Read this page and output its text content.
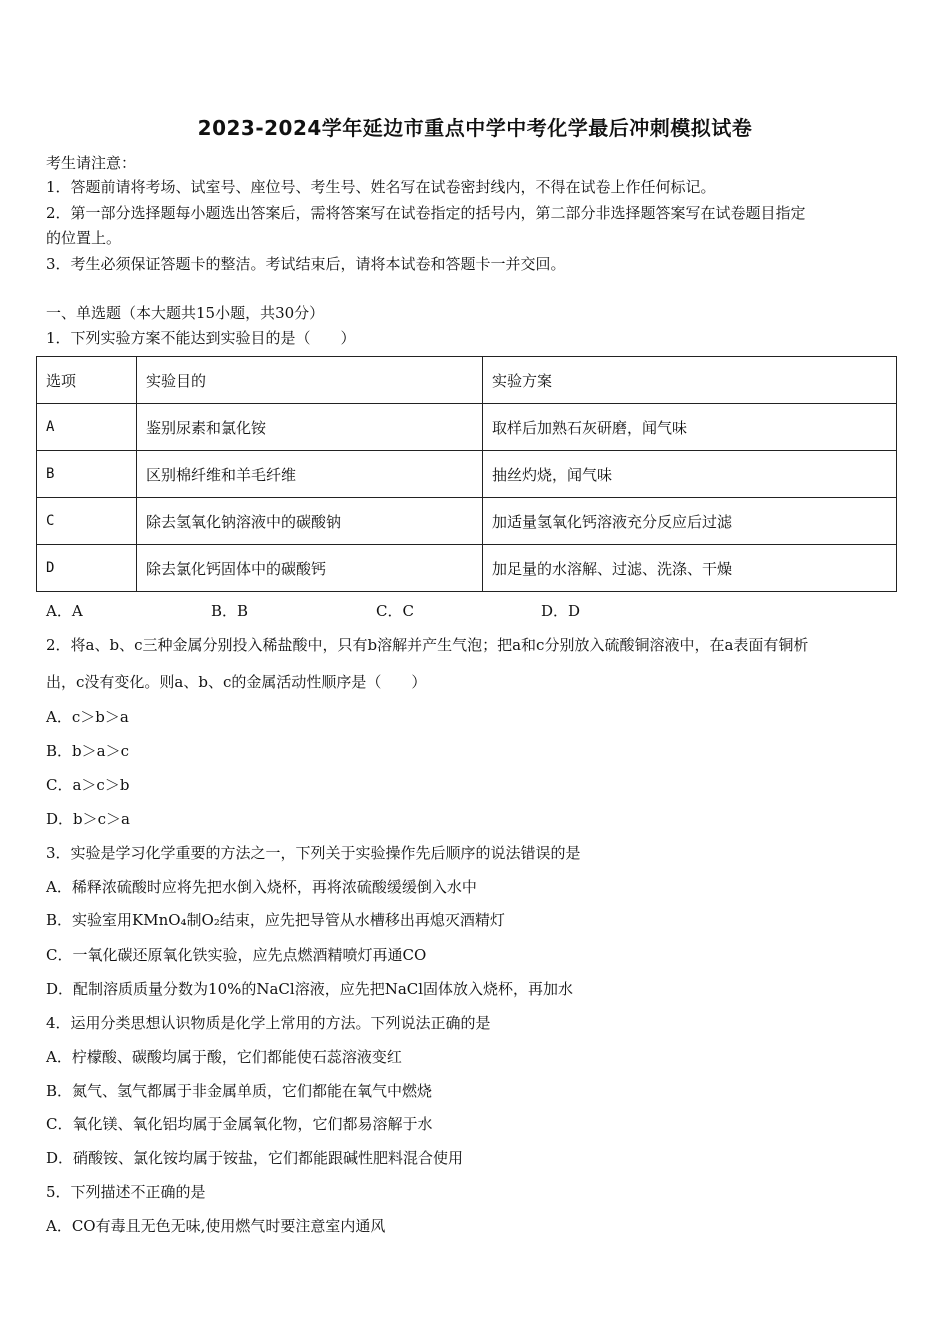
2023-2024学年延边市重点中学中考化学最后冲刺模拟试卷
考生请注意：
1．答题前请将考场、试室号、座位号、考生号、姓名写在试卷密封线内，不得在试卷上作任何标记。
2．第一部分选择题每小题选出答案后，需将答案写在试卷指定的括号内，第二部分非选择题答案写在试卷题目指定
的位置上。
3．考生必须保证答题卡的整洁。考试结束后，请将本试卷和答题卡一并交回。
一、单选题（本大题共15小题，共30分）
1．下列实验方案不能达到实验目的是（　　）
选项	实验目的	实验方案
A	鉴别尿素和氯化铵	取样后加熟石灰研磨，闻气味
B	区别棉纤维和羊毛纤维	抽丝灼烧，闻气味
C	除去氢氧化钠溶液中的碳酸钠	加适量氢氧化钙溶液充分反应后过滤
D	除去氯化钙固体中的碳酸钙	加足量的水溶解、过滤、洗涤、干燥
A．A	B．B	C．C	D．D
2．将a、b、c三种金属分别投入稀盐酸中，只有b溶解并产生气泡；把a和c分别放入硫酸铜溶液中，在a表面有铜析
出，c没有变化。则a、b、c的金属活动性顺序是（　　）
A．c＞b＞a
B．b＞a＞c
C．a＞c＞b
D．b＞c＞a
3．实验是学习化学重要的方法之一，下列关于实验操作先后顺序的说法错误的是
A．稀释浓硫酸时应将先把水倒入烧杯，再将浓硫酸缓缓倒入水中
B．实验室用KMnO₄制O₂结束，应先把导管从水槽移出再熄灭酒精灯
C．一氧化碳还原氧化铁实验，应先点燃酒精喷灯再通CO
D．配制溶质质量分数为10%的NaCl溶液，应先把NaCl固体放入烧杯，再加水
4．运用分类思想认识物质是化学上常用的方法。下列说法正确的是
A．柠檬酸、碳酸均属于酸，它们都能使石蕊溶液变红
B．氮气、氢气都属于非金属单质，它们都能在氧气中燃烧
C．氧化镁、氧化铝均属于金属氧化物，它们都易溶解于水
D．硝酸铵、氯化铵均属于铵盐，它们都能跟碱性肥料混合使用
5．下列描述不正确的是
A．CO有毒且无色无味,使用燃气时要注意室内通风
